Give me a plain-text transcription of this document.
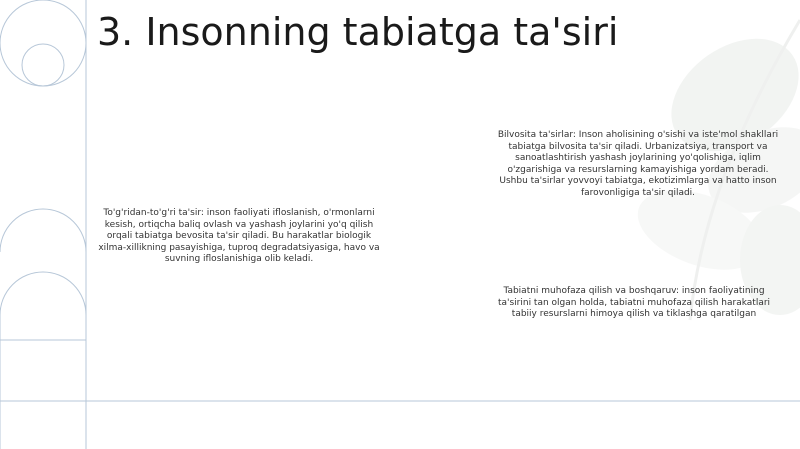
3. Insonning tabiatga ta'siri

To'g'ridan-to'g'ri ta'sir: inson faoliyati ifloslanish, o'rmonlarni kesish, ortiqcha baliq ovlash va yashash joylarini yo'q qilish orqali tabiatga bevosita ta'sir qiladi. Bu harakatlar biologik xilma-xillikning pasayishiga, tuproq degradatsiyasiga, havo va suvning ifloslanishiga olib keladi.

Bilvosita ta'sirlar: Inson aholisining o'sishi va iste'mol shakllari tabiatga bilvosita ta'sir qiladi. Urbanizatsiya, transport va sanoatlashtirish yashash joylarining yo'qolishiga, iqlim o'zgarishiga va resurslarning kamayishiga yordam beradi. Ushbu ta'sirlar yovvoyi tabiatga, ekotizimlarga va hatto inson farovonligiga ta'sir qiladi.

Tabiatni muhofaza qilish va boshqaruv: inson faoliyatining ta'sirini tan olgan holda, tabiatni muhofaza qilish harakatlari tabiiy resurslarni himoya qilish va tiklashga qaratilgan
